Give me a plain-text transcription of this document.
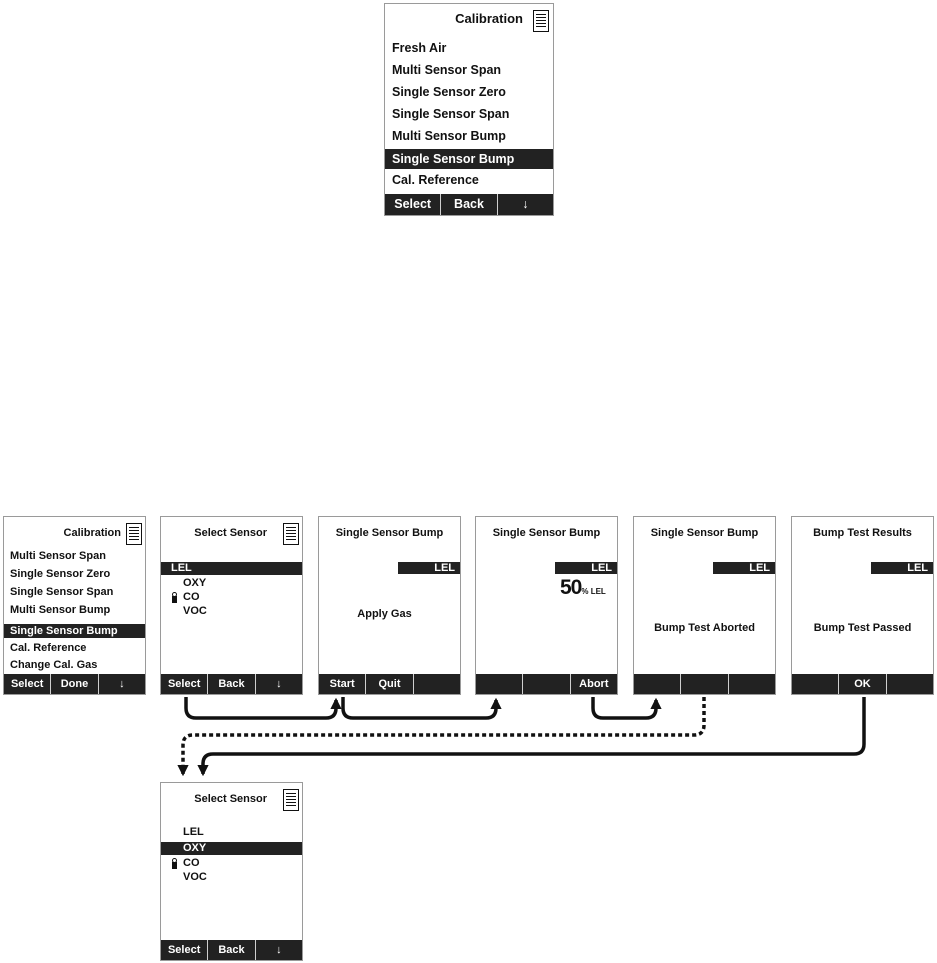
Calibration
Fresh Air
Multi Sensor Span
Single Sensor Zero
Single Sensor Span
Multi Sensor Bump
Single Sensor Bump
Cal. Reference
Select	Back	↓
Calibration
Multi Sensor Span
Single Sensor Zero
Single Sensor Span
Multi Sensor Bump
Single Sensor Bump
Cal. Reference
Change Cal. Gas
Select	Done	↓
Select Sensor
LEL
OXY
CO
VOC
Select	Back	↓
Single Sensor Bump
LEL
Apply Gas
Start	Quit
Single Sensor Bump
LEL
50% LEL
Abort
Single Sensor Bump
LEL
Bump Test Aborted
Bump Test Results
LEL
Bump Test Passed
OK
Select Sensor
LEL
OXY
CO
VOC
Select	Back	↓
